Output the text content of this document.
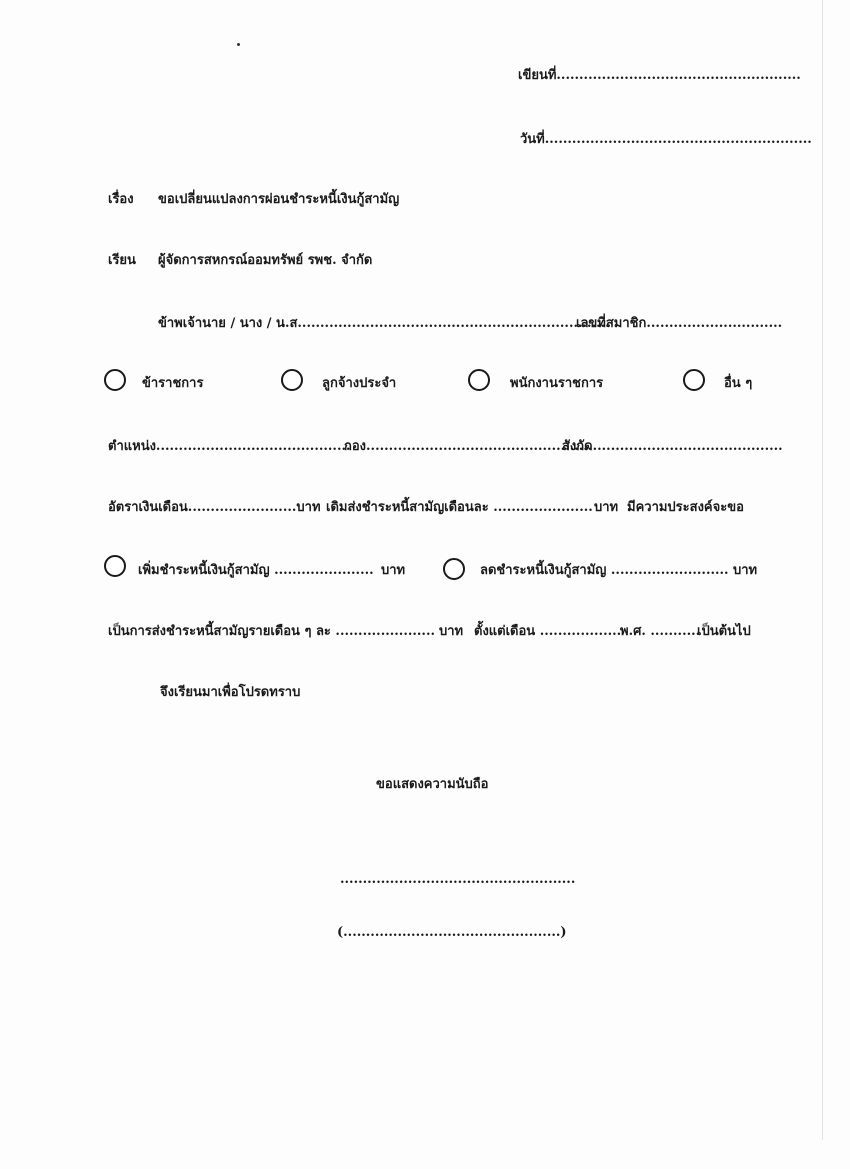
เขียนที่......................................................
วันที่...........................................................
เรื่อง ขอเปลี่ยนแปลงการผ่อนชำระหนี้เงินกู้สามัญ
เรียน ผู้จัดการสหกรณ์ออมทรัพย์ รพช. จำกัด
ข้าพเจ้านาย / นาง / น.ส.....................................................................
เลขที่สมาชิก..............................
ข้าราชการ	ลูกจ้างประจำ	พนักงานราชการ	อื่น ๆ
ตำแหน่ง...........................................
กอง..................................................
สังกัด..........................................
อัตราเงินเดือน........................บาท เดิมส่งชำระหนี้สามัญเดือนละ ...................... บาท มีความประสงค์จะขอ
เพิ่มชำระหนี้เงินกู้สามัญ ...................... บาท	ลดชำระหนี้เงินกู้สามัญ .......................... บาท
เป็นการส่งชำระหนี้สามัญรายเดือน ๆ ละ ...................... บาท ตั้งแต่เดือน ..................
พ.ศ. ...........
เป็นต้นไป
จึงเรียนมาเพื่อโปรดทราบ
ขอแสดงความนับถือ
....................................................
(................................................)
